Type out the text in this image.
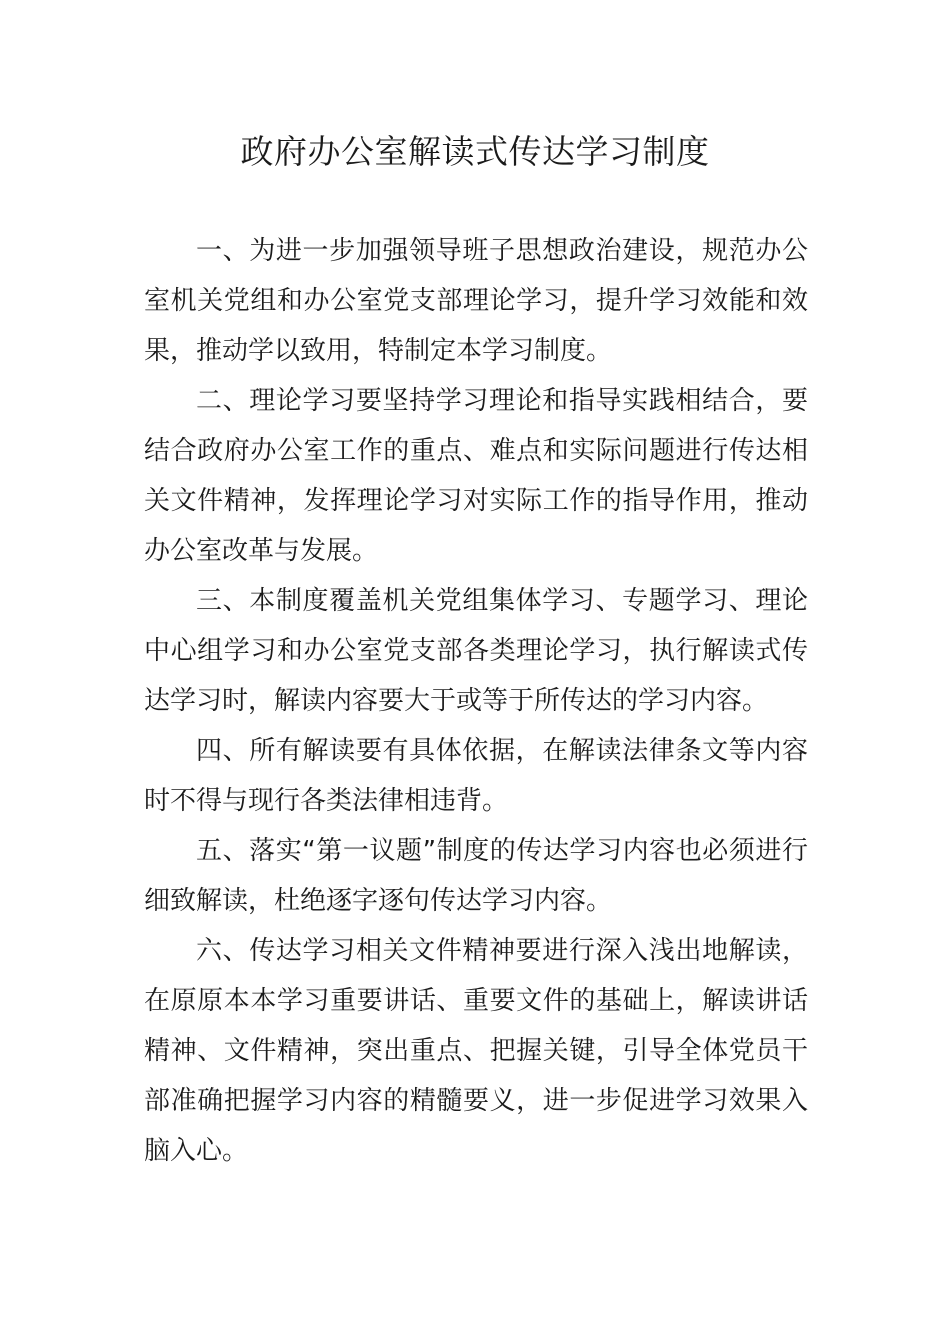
政府办公室解读式传达学习制度

一、为进一步加强领导班子思想政治建设，规范办公室机关党组和办公室党支部理论学习，提升学习效能和效果，推动学以致用，特制定本学习制度。

二、理论学习要坚持学习理论和指导实践相结合，要结合政府办公室工作的重点、难点和实际问题进行传达相关文件精神，发挥理论学习对实际工作的指导作用，推动办公室改革与发展。

三、本制度覆盖机关党组集体学习、专题学习、理论中心组学习和办公室党支部各类理论学习，执行解读式传达学习时，解读内容要大于或等于所传达的学习内容。

四、所有解读要有具体依据，在解读法律条文等内容时不得与现行各类法律相违背。

五、落实“第一议题”制度的传达学习内容也必须进行细致解读，杜绝逐字逐句传达学习内容。

六、传达学习相关文件精神要进行深入浅出地解读，在原原本本学习重要讲话、重要文件的基础上，解读讲话精神、文件精神，突出重点、把握关键，引导全体党员干部准确把握学习内容的精髓要义，进一步促进学习效果入脑入心。
